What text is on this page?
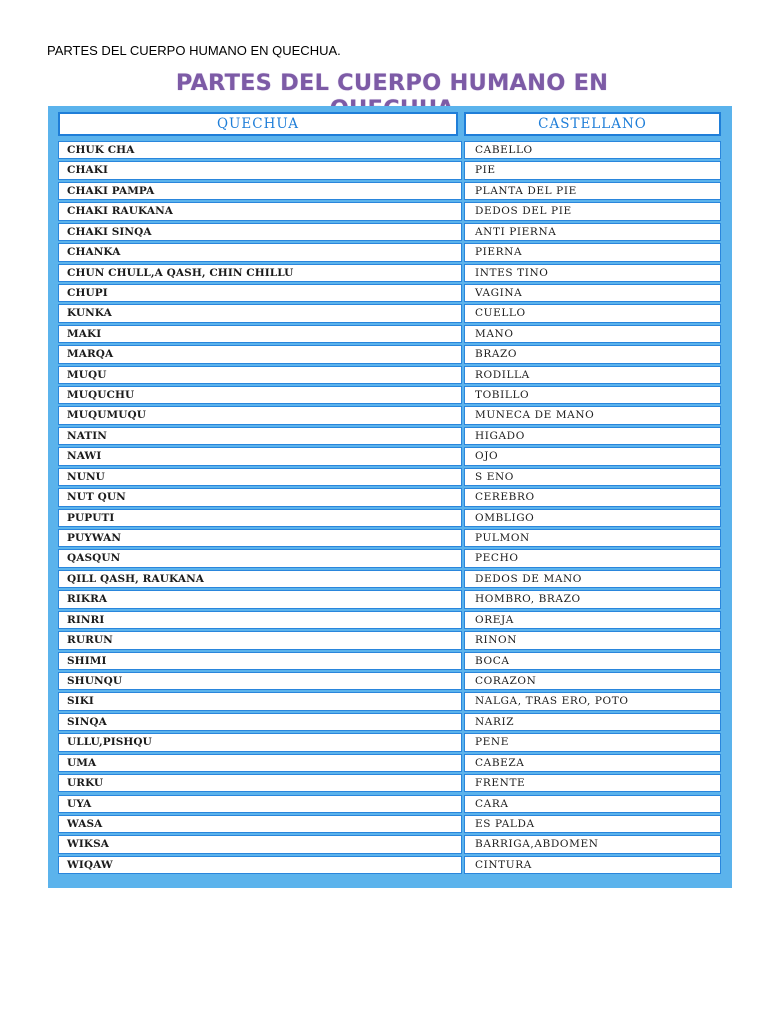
PARTES DEL CUERPO HUMANO EN QUECHUA.
PARTES DEL CUERPO HUMANO EN
QUECHUA	CASTELLANO
CHUK CHA	CABELLO
CHAKI	PIE
CHAKI PAMPA	PLANTA DEL PIE
CHAKI RAUKANA	DEDOS DEL PIE
CHAKI SINQA	ANTI PIERNA
CHANKA	PIERNA
CHUN CHULL,A QASH, CHIN CHILLU	INTES TINO
CHUPI	VAGINA
KUNKA	CUELLO
MAKI	MANO
MARQA	BRAZO
MUQU	RODILLA
MUQUCHU	TOBILLO
MUQUMUQU	MUNECA DE MANO
NATIN	HIGADO
NAWI	OJO
NUNU	S ENO
NUT QUN	CEREBRO
PUPUTI	OMBLIGO
PUYWAN	PULMON
QASQUN	PECHO
QILL QASH, RAUKANA	DEDOS DE MANO
RIKRA	HOMBRO, BRAZO
RINRI	OREJA
RURUN	RINON
SHIMI	BOCA
SHUNQU	CORAZON
SIKI	NALGA, TRAS ERO, POTO
SINQA	NARIZ
ULLU,PISHQU	PENE
UMA	CABEZA
URKU	FRENTE
UYA	CARA
WASA	ES PALDA
WIKSA	BARRIGA,ABDOMEN
WIQAW	CINTURA
